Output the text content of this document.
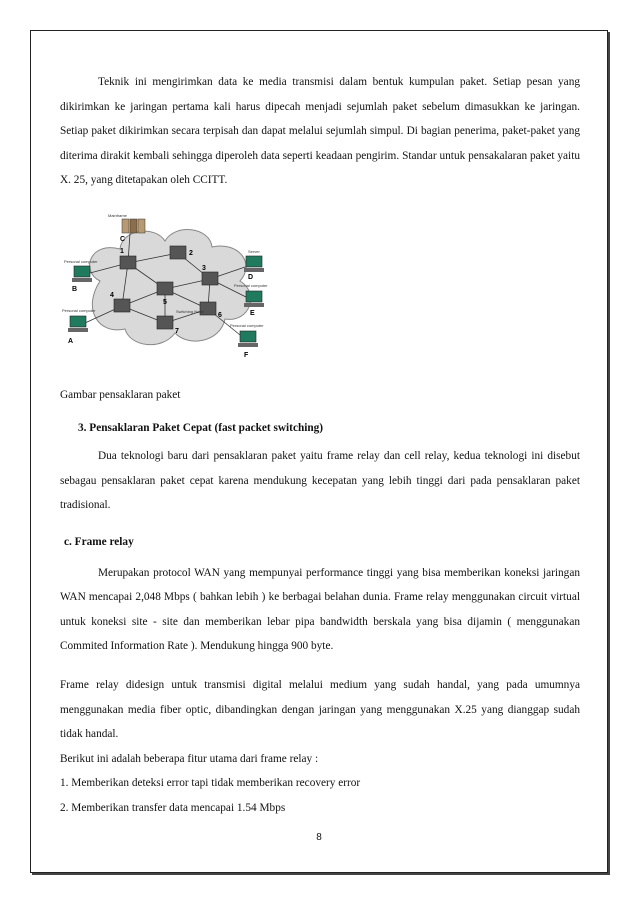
Teknik ini mengirimkan data ke media transmisi dalam bentuk kumpulan paket. Setiap pesan yang dikirimkan ke jaringan pertama kali harus dipecah menjadi sejumlah paket sebelum dimasukkan ke jaringan. Setiap paket dikirimkan secara terpisah dan dapat melalui sejumlah simpul. Di bagian penerima, paket-paket yang diterima dirakit kembali sehingga diperoleh data seperti keadaan pengirim. Standar untuk pensakalaran paket yaitu X. 25, yang ditetapakan oleh CCITT.

1	2
3
4
5
6
7
C
B
A
D
E
F
Mainframe
Personal computer
Personal computer
Server
Personal computer
Personal computer
Switching Node

Gambar pensaklaran paket

3. Pensaklaran Paket Cepat (fast packet switching)

Dua teknologi baru dari pensaklaran paket yaitu frame relay dan cell relay, kedua teknologi ini disebut sebagau pensaklaran paket cepat karena mendukung kecepatan yang lebih tinggi dari pada pensaklaran paket tradisional.

c. Frame relay

Merupakan protocol WAN yang mempunyai performance tinggi yang bisa memberikan koneksi jaringan WAN mencapai 2,048 Mbps ( bahkan lebih ) ke berbagai belahan dunia. Frame relay menggunakan circuit virtual untuk koneksi site - site dan memberikan lebar pipa bandwidth berskala yang bisa dijamin ( menggunakan Commited Information Rate ). Mendukung hingga 900 byte.

Frame relay didesign untuk transmisi digital melalui medium yang sudah handal, yang pada umumnya menggunakan media fiber optic, dibandingkan dengan jaringan yang menggunakan X.25 yang dianggap sudah tidak handal.

Berikut ini adalah beberapa fitur utama dari frame relay :

1. Memberikan deteksi error tapi tidak memberikan recovery error

2. Memberikan transfer data mencapai 1.54 Mbps

8
